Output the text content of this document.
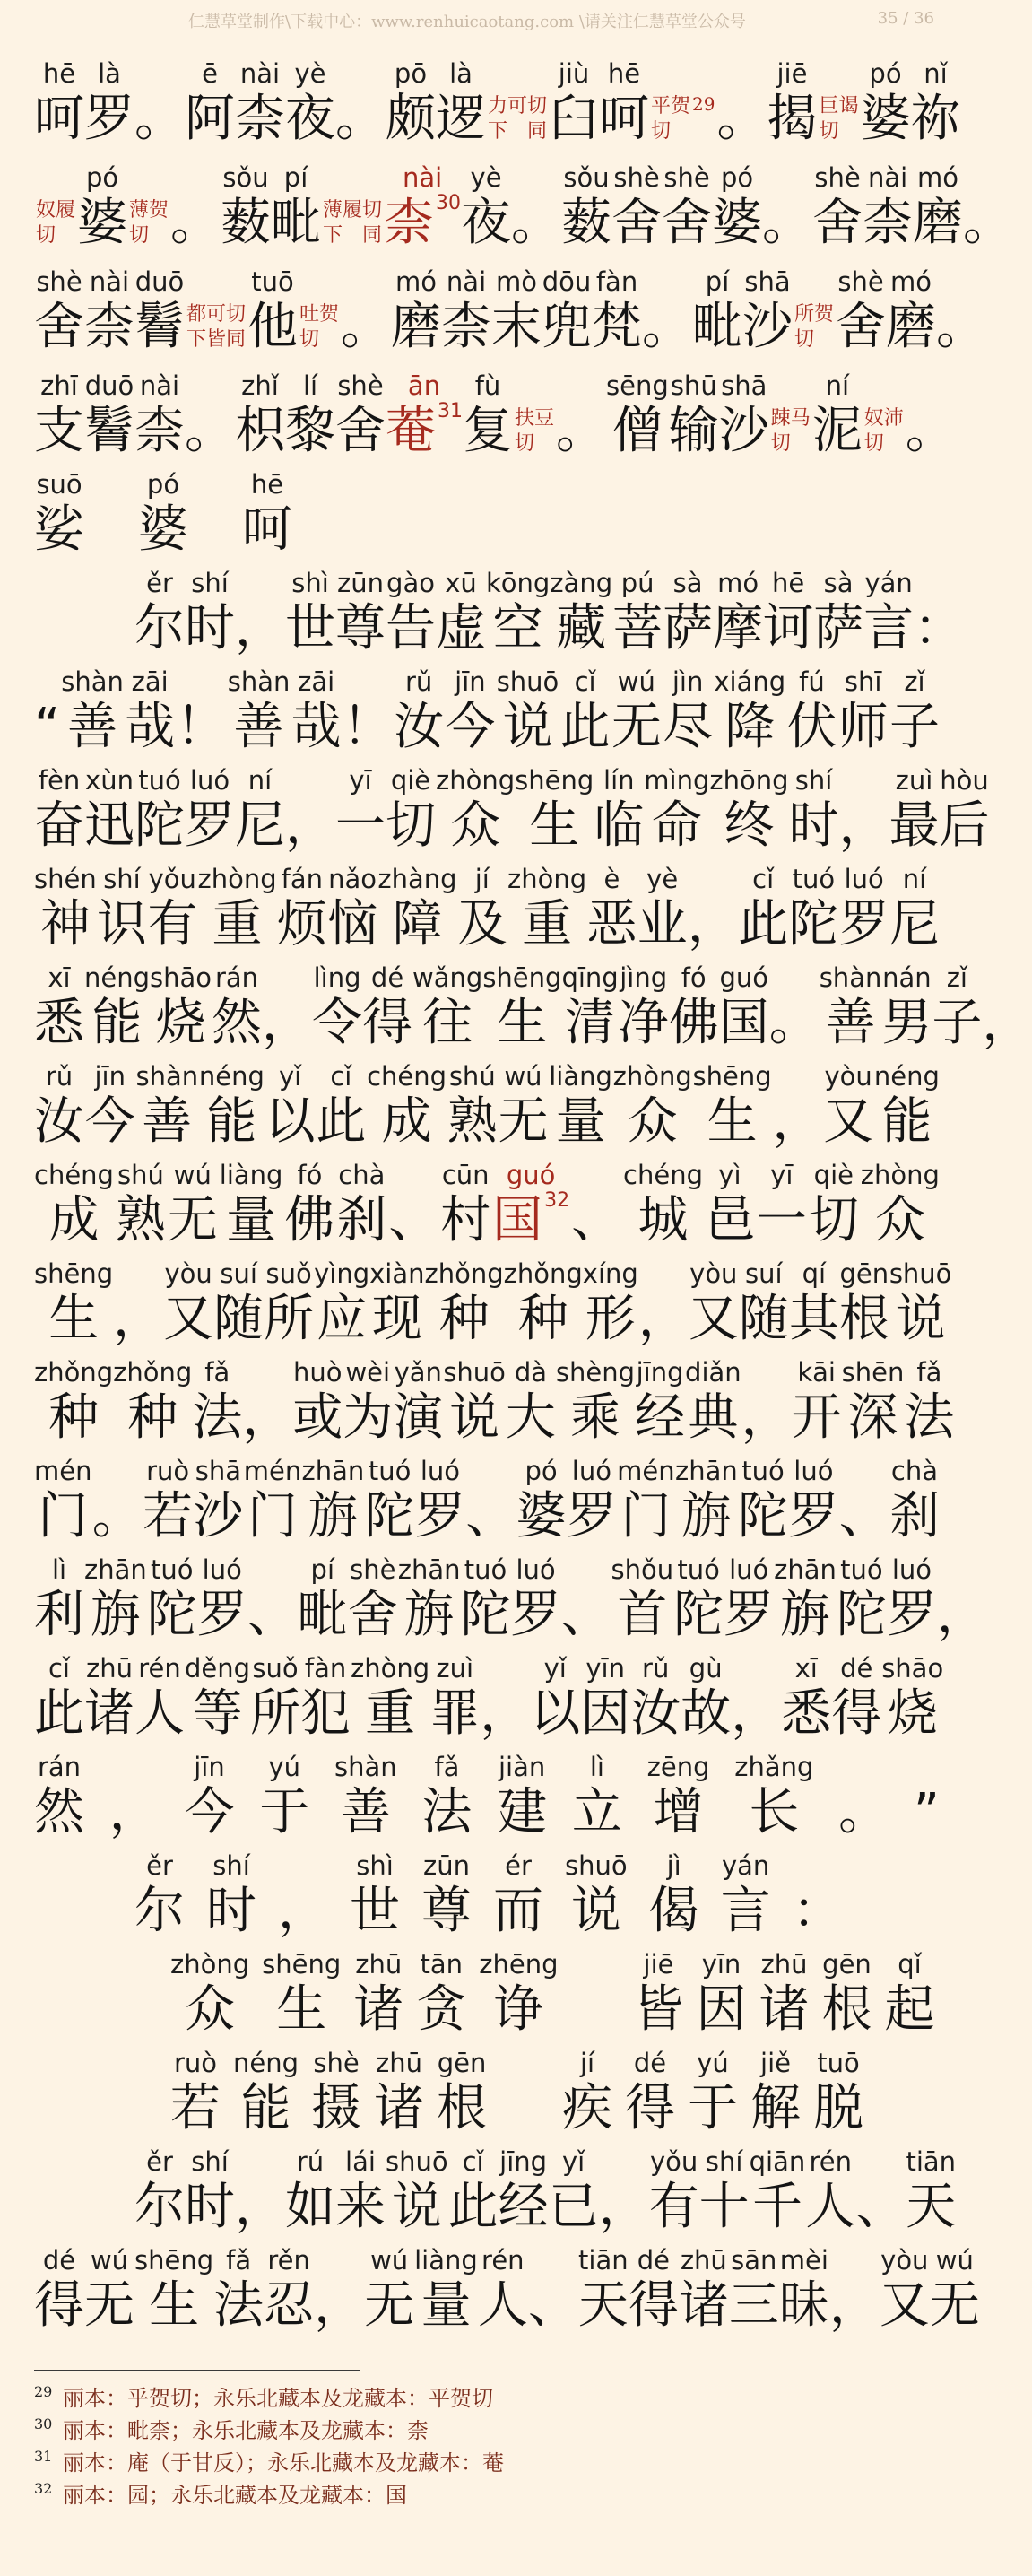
仁慧草堂制作\下载中心：www.renhuicaotang.com \请关注仁慧草堂公众号	35 / 36
hē
呵
là
罗 。
ē
阿
nài
柰
yè
夜 。
pō
颇
là
逻 力可切
下　同
jiù
臼
hē
呵 平贺 29
切 。
jiē
揭 巨谒
切
pó
婆
nǐ
祢
奴履
切
pó
婆 薄贺
切 。
sǒu
薮
pí
毗 薄履切
下　同
nài
柰$^{30}$
yè
夜 。
sǒu
薮
shè
舍
shè
舍
pó
婆 。
shè
舍
nài
柰
mó
磨 。
shè
舍
nài
柰
duō
鬌 都可切
下皆同
tuō
他 吐贺
切 。
mó
磨
nài
柰
mò
末
dōu
兜
fàn
梵 。
pí
毗
shā
沙 所贺
切
shè
舍
mó
磨 。
zhī
支
duō
鬌
nài
柰 。
zhǐ
枳
lí
黎
shè
舍
ān
菴$^{31}$
fù
复 扶豆
切 。
sēng
僧
shū
输
shā
沙 踈马
切
ní
泥 奴沛
切 。
suō
娑
pó
婆
hē
呵
ěr
尔
shí
时 ，
shì
世
zūn
尊
gào
告
xū
虚
kōng
空
zàng
藏
pú
菩
sà
萨
mó
摩
hē
诃
sà
萨
yán
言 ：
“
shàn
善
zāi
哉 ！
shàn
善
zāi
哉 ！
rǔ
汝
jīn
今
shuō
说
cǐ
此
wú
无
jìn
尽
xiáng
降
fú
伏
shī
师
zǐ
子
fèn
奋
xùn
迅
tuó
陀
luó
罗
ní
尼 ，
yī
一
qiè
切
zhòng
众
shēng
生
lín
临
mìng
命
zhōng
终
shí
时 ，
zuì
最
hòu
后
shén
神
shí
识
yǒu
有
zhòng
重
fán
烦
nǎo
恼
zhàng
障
jí
及
zhòng
重
è
恶
yè
业 ，
cǐ
此
tuó
陀
luó
罗
ní
尼
xī
悉
néng
能
shāo
烧
rán
然 ，
lìng
令
dé
得
wǎng
往
shēng
生
qīng
清
jìng
净
fó
佛
guó
国 。
shàn
善
nán
男
zǐ
子 ，
rǔ
汝
jīn
今
shàn
善
néng
能
yǐ
以
cǐ
此
chéng
成
shú
熟
wú
无
liàng
量
zhòng
众
shēng
生 ，
yòu
又
néng
能
chéng
成
shú
熟
wú
无
liàng
量
fó
佛
chà
刹 、
cūn
村
guó
国$^{32}$ 、
chéng
城
yì
邑
yī
一
qiè
切
zhòng
众
shēng
生 ，
yòu
又
suí
随
suǒ
所
yìng
应
xiàn
现
zhǒng
种
zhǒng
种
xíng
形 ，
yòu
又
suí
随
qí
其
gēn
根
shuō
说
zhǒng
种
zhǒng
种
fǎ
法 ，
huò
或
wèi
为
yǎn
演
shuō
说
dà
大
shèng
乘
jīng
经
diǎn
典 ，
kāi
开
shēn
深
fǎ
法
mén
门 。
ruò
若
shā
沙
mén
门
zhān
旃
tuó
陀
luó
罗 、
pó
婆
luó
罗
mén
门
zhān
旃
tuó
陀
luó
罗 、
chà
刹
lì
利
zhān
旃
tuó
陀
luó
罗 、
pí
毗
shè
舍
zhān
旃
tuó
陀
luó
罗 、
shǒu
首
tuó
陀
luó
罗
zhān
旃
tuó
陀
luó
罗 ，
cǐ
此
zhū
诸
rén
人
děng
等
suǒ
所
fàn
犯
zhòng
重
zuì
罪 ，
yǐ
以
yīn
因
rǔ
汝
gù
故 ，
xī
悉
dé
得
shāo
烧
rán
然 ，
jīn
今
yú
于
shàn
善
fǎ
法
jiàn
建
lì
立
zēng
增
zhǎng
长 。 ”
ěr
尔
shí
时 ，
shì
世
zūn
尊
ér
而
shuō
说
jì
偈
yán
言 ：
zhòng
众
shēng
生
zhū
诸
tān
贪
zhēng
诤

jiē
皆
yīn
因
zhū
诸
gēn
根
qǐ
起
ruò
若
néng
能
shè
摄
zhū
诸
gēn
根

jí
疾
dé
得
yú
于
jiě
解
tuō
脱
ěr
尔
shí
时 ，
rú
如
lái
来
shuō
说
cǐ
此
jīng
经
yǐ
已 ，
yǒu
有
shí
十
qiān
千
rén
人 、
tiān
天
dé
得
wú
无
shēng
生
fǎ
法
rěn
忍 ，
wú
无
liàng
量
rén
人 、
tiān
天
dé
得
zhū
诸
sān
三
mèi
昧 ，
yòu
又
wú
无
29 丽本：乎贺切；永乐北藏本及龙藏本：平贺切
30 丽本：毗柰；永乐北藏本及龙藏本：柰
31 丽本：庵（于甘反）；永乐北藏本及龙藏本：菴
32 丽本：园；永乐北藏本及龙藏本：国
